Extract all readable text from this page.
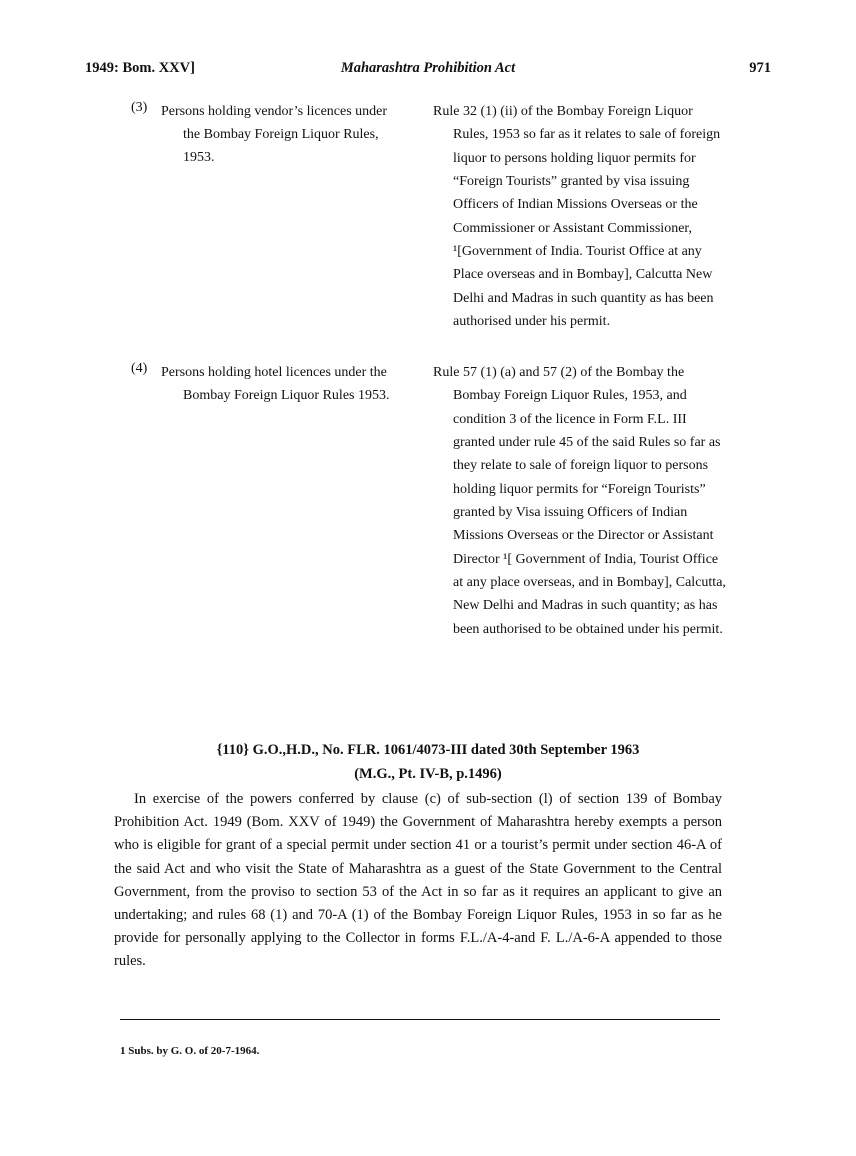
Maharashtra Prohibition Act
1949: Bom. XXV]	971
(3) Persons holding vendor’s licences under the Bombay Foreign Liquor Rules, 1953.

Rule 32 (1) (ii) of the Bombay Foreign Liquor Rules, 1953 so far as it relates to sale of foreign liquor to persons holding liquor permits for “Foreign Tourists” granted by visa issuing Officers of Indian Missions Overseas or the Commissioner or Assistant Commissioner, ¹[Government of India. Tourist Office at any Place overseas and in Bombay], Calcutta New Delhi and Madras in such quantity as has been authorised under his permit.

(4) Persons holding hotel licences under the Bombay Foreign Liquor Rules 1953.

Rule 57 (1) (a) and 57 (2) of the Bombay the Bombay Foreign Liquor Rules, 1953, and condition 3 of the licence in Form F.L. III granted under rule 45 of the said Rules so far as they relate to sale of foreign liquor to persons holding liquor permits for “Foreign Tourists” granted by Visa issuing Officers of Indian Missions Overseas or the Director or Assistant Director ¹[ Government of India, Tourist Office at any place overseas, and in Bombay], Calcutta, New Delhi and Madras in such quantity; as has been authorised to be obtained under his permit.

{110} G.O.,H.D., No. FLR. 1061/4073-III dated 30th September 1963
(M.G., Pt. IV-B, p.1496)

In exercise of the powers conferred by clause (c) of sub-section (l) of section 139 of Bombay Prohibition Act. 1949 (Bom. XXV of 1949) the Government of Maharashtra hereby exempts a person who is eligible for grant of a special permit under section 41 or a tourist’s permit under section 46-A of the said Act and who visit the State of Maharashtra as a guest of the State Government to the Central Government, from the proviso to section 53 of the Act in so far as it requires an applicant to give an undertaking; and rules 68 (1) and 70-A (1) of the Bombay Foreign Liquor Rules, 1953 in so far as he provide for personally applying to the Collector in forms F.L./A-4-and F. L./A-6-A appended to those rules.

1 Subs. by G. O. of 20-7-1964.
